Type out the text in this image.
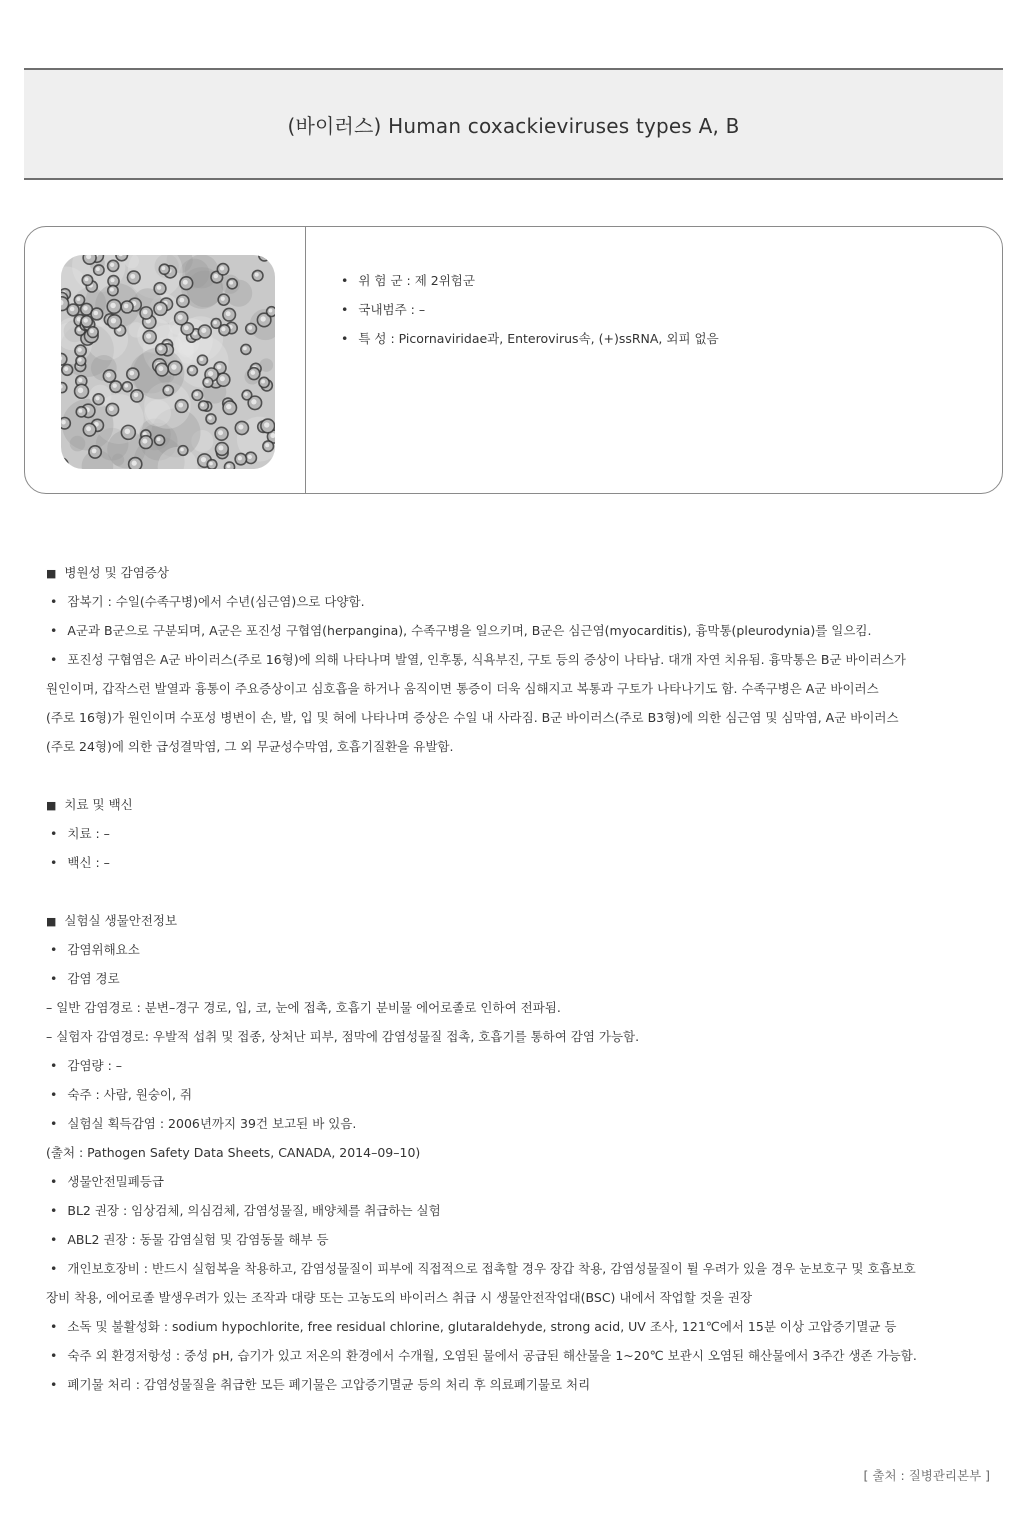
(바이러스) Human coxackieviruses types A, B
• 위 험 군 : 제 2위험군
• 국내범주 : –
• 특 성 : Picornaviridae과, Enterovirus속, (+)ssRNA, 외피 없음
■ 병원성 및 감염증상
• 잠복기 : 수일(수족구병)에서 수년(심근염)으로 다양함.
• A군과 B군으로 구분되며, A군은 포진성 구협염(herpangina), 수족구병을 일으키며, B군은 심근염(myocarditis), 흉막통(pleurodynia)를 일으킴.
• 포진성 구협염은 A군 바이러스(주로 16형)에 의해 나타나며 발열, 인후통, 식욕부진, 구토 등의 증상이 나타남. 대개 자연 치유됨. 흉막통은 B군 바이러스가
원인이며, 갑작스런 발열과 흉통이 주요증상이고 심호흡을 하거나 움직이면 통증이 더욱 심해지고 복통과 구토가 나타나기도 함. 수족구병은 A군 바이러스
(주로 16형)가 원인이며 수포성 병변이 손, 발, 입 및 혀에 나타나며 증상은 수일 내 사라짐. B군 바이러스(주로 B3형)에 의한 심근염 및 심막염, A군 바이러스
(주로 24형)에 의한 급성결막염, 그 외 무균성수막염, 호흡기질환을 유발함.
■ 치료 및 백신
• 치료 : –
• 백신 : –
■ 실험실 생물안전정보
• 감염위해요소
• 감염 경로
– 일반 감염경로 : 분변–경구 경로, 입, 코, 눈에 접촉, 호흡기 분비물 에어로졸로 인하여 전파됨.
– 실험자 감염경로: 우발적 섭취 및 접종, 상처난 피부, 점막에 감염성물질 접촉, 호흡기를 통하여 감염 가능함.
• 감염량 : –
• 숙주 : 사람, 원숭이, 쥐
• 실험실 획득감염 : 2006년까지 39건 보고된 바 있음.
(출처 : Pathogen Safety Data Sheets, CANADA, 2014–09–10)
• 생물안전밀폐등급
• BL2 권장 : 임상검체, 의심검체, 감염성물질, 배양체를 취급하는 실험
• ABL2 권장 : 동물 감염실험 및 감염동물 해부 등
• 개인보호장비 : 반드시 실험복을 착용하고, 감염성물질이 피부에 직접적으로 접촉할 경우 장갑 착용, 감염성물질이 튈 우려가 있을 경우 눈보호구 및 호흡보호
장비 착용, 에어로졸 발생우려가 있는 조작과 대량 또는 고농도의 바이러스 취급 시 생물안전작업대(BSC) 내에서 작업할 것을 권장
• 소독 및 불활성화 : sodium hypochlorite, free residual chlorine, glutaraldehyde, strong acid, UV 조사, 121℃에서 15분 이상 고압증기멸균 등
• 숙주 외 환경저항성 : 중성 pH, 습기가 있고 저온의 환경에서 수개월, 오염된 물에서 공급된 해산물을 1~20℃ 보관시 오염된 해산물에서 3주간 생존 가능함.
• 폐기물 처리 : 감염성물질을 취급한 모든 폐기물은 고압증기멸균 등의 처리 후 의료폐기물로 처리
[ 출처 : 질병관리본부 ]
